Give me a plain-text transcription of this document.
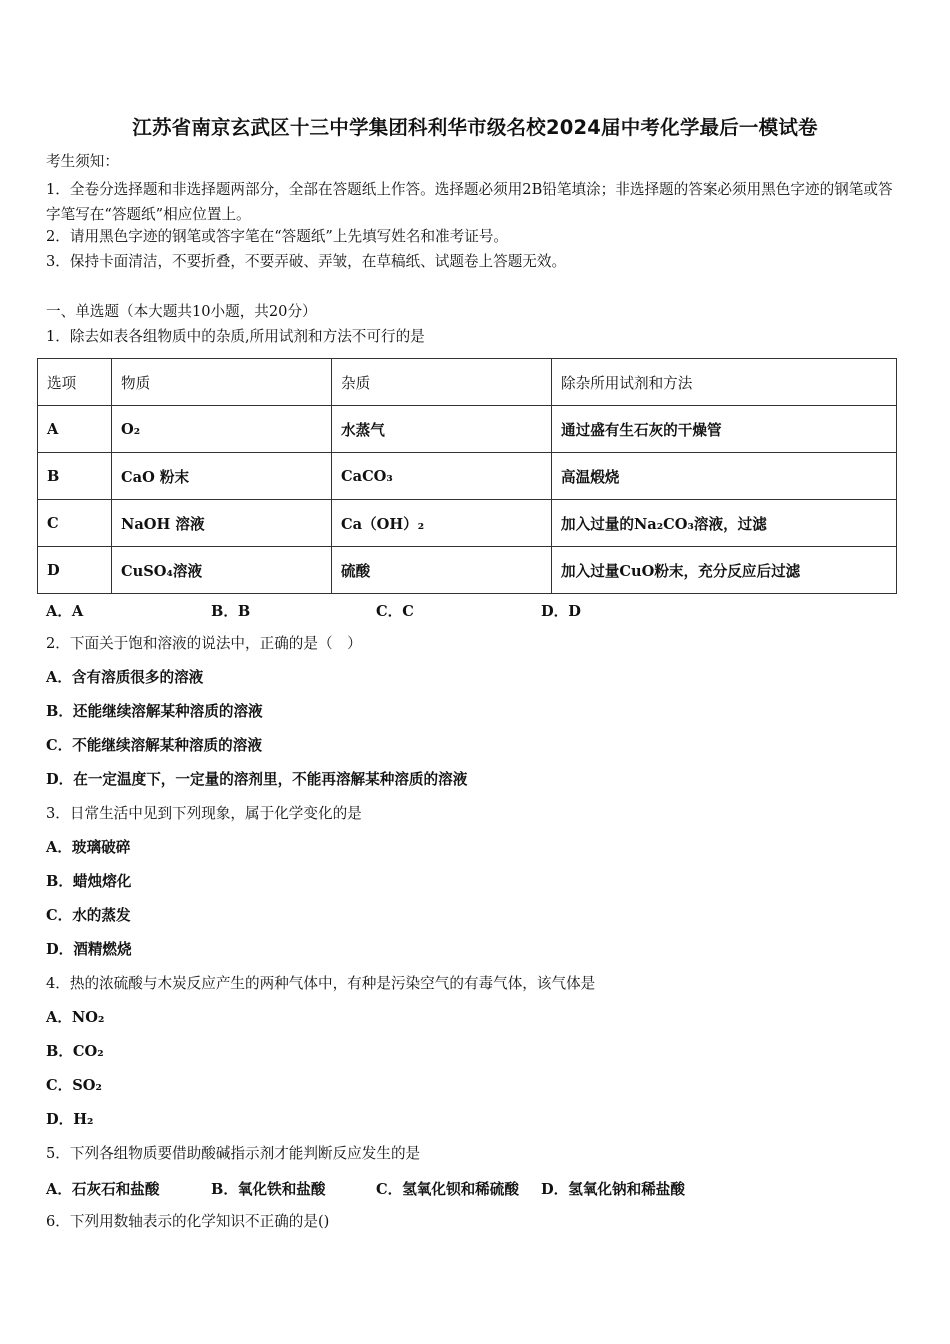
江苏省南京玄武区十三中学集团科利华市级名校2024届中考化学最后一模试卷
考生须知：
1．全卷分选择题和非选择题两部分，全部在答题纸上作答。选择题必须用2B铅笔填涂；非选择题的答案必须用黑色字迹的钢笔或答字笔写在“答题纸”相应位置上。
2．请用黑色字迹的钢笔或答字笔在“答题纸”上先填写姓名和准考证号。
3．保持卡面清洁，不要折叠，不要弄破、弄皱，在草稿纸、试题卷上答题无效。
一、单选题（本大题共10小题，共20分）
1．除去如表各组物质中的杂质,所用试剂和方法不可行的是
选项	物质	杂质	除杂所用试剂和方法
A	O₂	水蒸气	通过盛有生石灰的干燥管
B	CaO 粉末	CaCO₃	高温煅烧
C	NaOH 溶液	Ca（OH）₂	加入过量的Na₂CO₃溶液，过滤
D	CuSO₄溶液	硫酸	加入过量CuO粉末，充分反应后过滤
A．A	B．B	C．C	D．D
2．下面关于饱和溶液的说法中，正确的是（　）
A．含有溶质很多的溶液
B．还能继续溶解某种溶质的溶液
C．不能继续溶解某种溶质的溶液
D．在一定温度下，一定量的溶剂里，不能再溶解某种溶质的溶液
3．日常生活中见到下列现象，属于化学变化的是
A．玻璃破碎
B．蜡烛熔化
C．水的蒸发
D．酒精燃烧
4．热的浓硫酸与木炭反应产生的两种气体中，有种是污染空气的有毒气体，该气体是
A．NO₂
B．CO₂
C．SO₂
D．H₂
5．下列各组物质要借助酸碱指示剂才能判断反应发生的是
A．石灰石和盐酸	B．氧化铁和盐酸	C．氢氧化钡和稀硫酸 D．氢氧化钠和稀盐酸
6．下列用数轴表示的化学知识不正确的是()
